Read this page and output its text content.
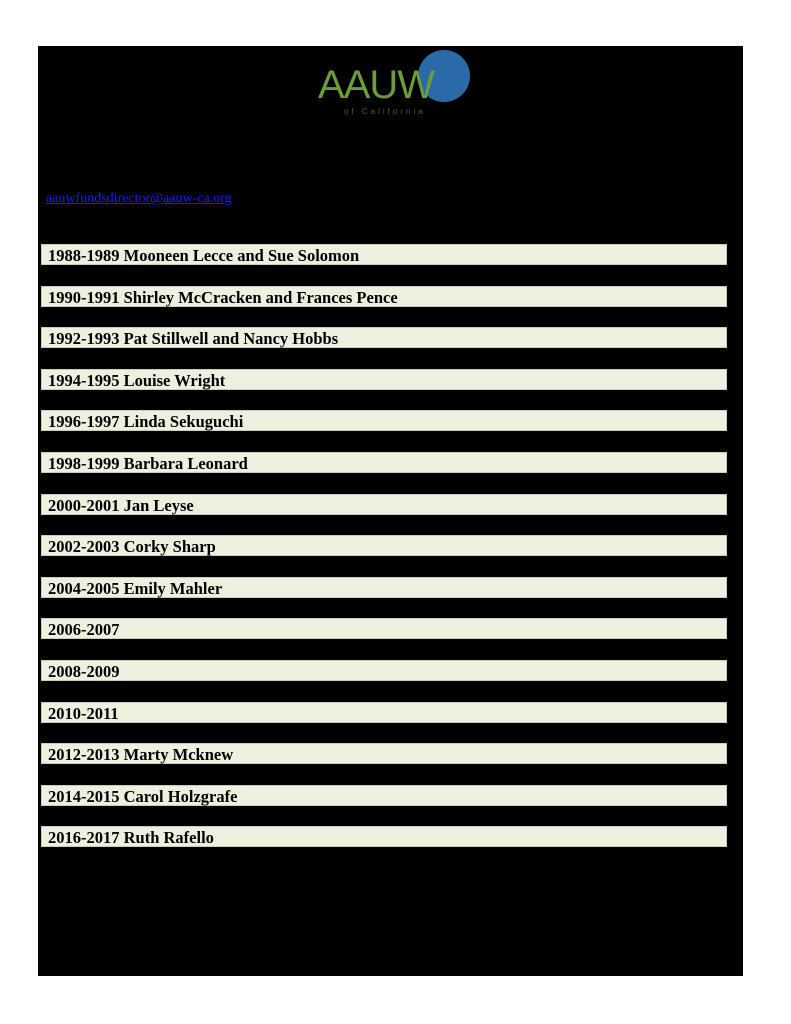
AAUW
of California
aauwfundsdirector@aauw-ca.org
1988-1989 Mooneen Lecce and Sue Solomon
1990-1991 Shirley McCracken and Frances Pence
1992-1993 Pat Stillwell and Nancy Hobbs
1994-1995 Louise Wright
1996-1997 Linda Sekuguchi
1998-1999 Barbara Leonard
2000-2001 Jan Leyse
2002-2003 Corky Sharp
2004-2005 Emily Mahler
2006-2007
2008-2009
2010-2011
2012-2013 Marty Mcknew
2014-2015 Carol Holzgrafe
2016-2017 Ruth Rafello
